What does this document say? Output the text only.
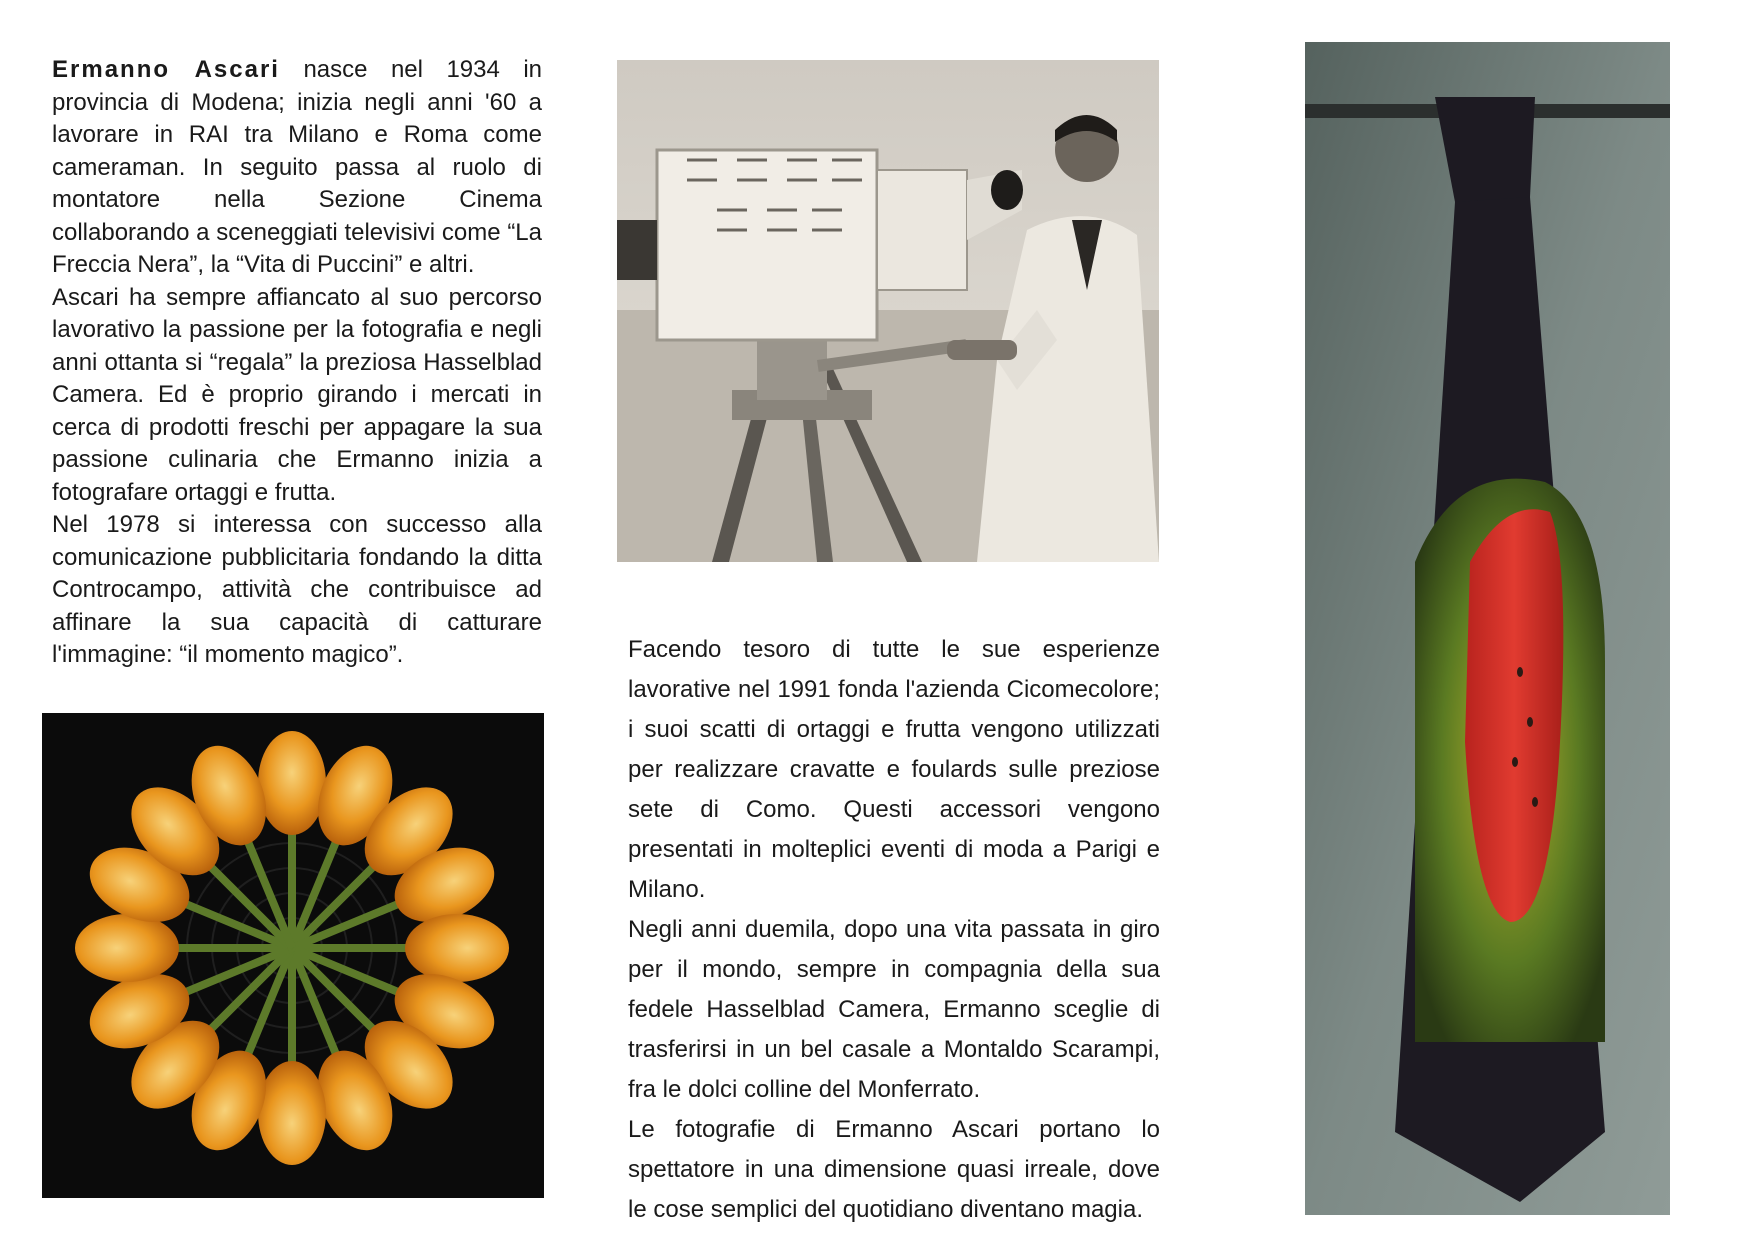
Ermanno Ascari nasce nel 1934 in provincia di Modena; inizia negli anni '60 a lavorare in RAI tra Milano e Roma come cameraman. In seguito passa al ruolo di montatore nella Sezione Cinema collaborando a sceneggiati televisivi come “La Freccia Nera”, la “Vita di Puccini” e altri.

Ascari ha sempre affiancato al suo percorso lavorativo la passione per la fotografia e negli anni ottanta si “regala” la preziosa Hasselblad Camera. Ed è proprio girando i mercati in cerca di prodotti freschi per appagare la sua passione culinaria che Ermanno inizia a fotografare ortaggi e frutta.

Nel 1978 si interessa con successo alla comunicazione pubblicitaria fondando la ditta Controcampo, attività che contribuisce ad affinare la sua capacità di catturare l'immagine: “il momento magico”.	Facendo tesoro di tutte le sue esperienze lavorative nel 1991 fonda l'azienda Cicomecolore; i suoi scatti di ortaggi e frutta vengono utilizzati per realizzare cravatte e foulards sulle preziose sete di Como. Questi accessori vengono presentati in molteplici eventi di moda a Parigi e Milano.

Negli anni duemila, dopo una vita passata in giro per il mondo, sempre in compagnia della sua fedele Hasselblad Camera, Ermanno sceglie di trasferirsi in un bel casale a Montaldo Scarampi, fra le dolci colline del Monferrato.

Le fotografie di Ermanno Ascari portano lo spettatore in una dimensione quasi irreale, dove le cose semplici del quotidiano diventano magia.
